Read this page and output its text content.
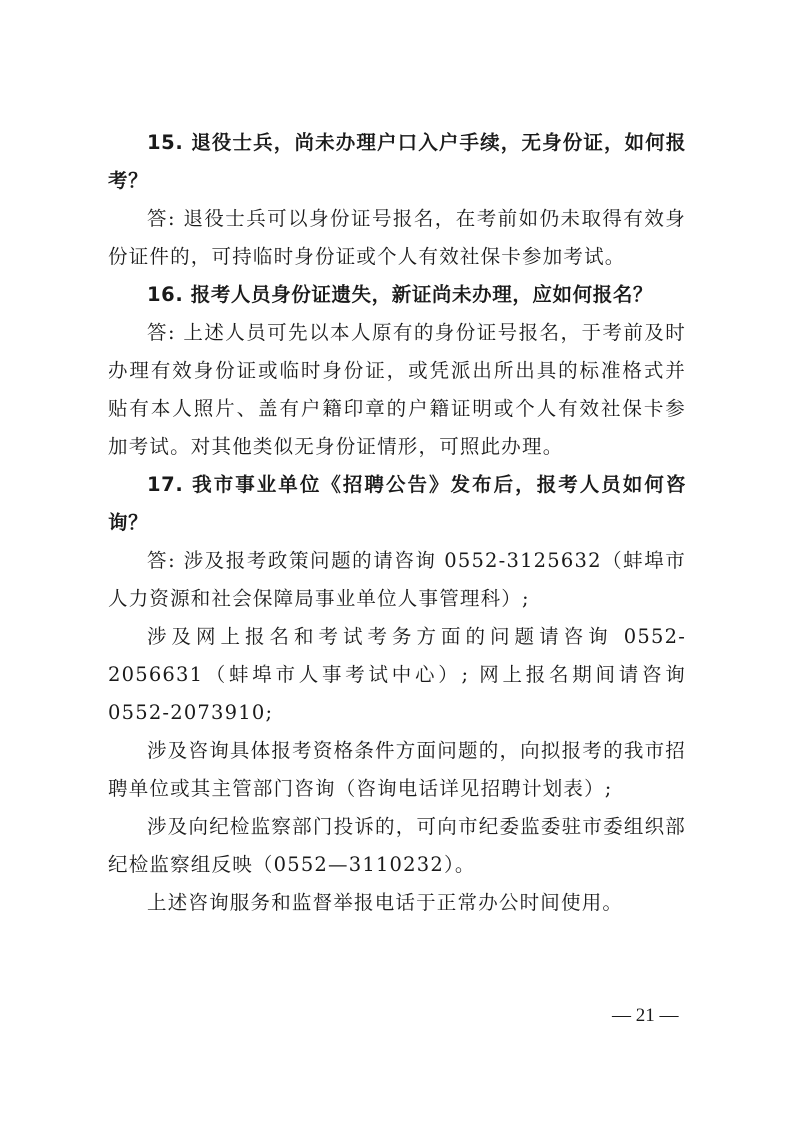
15. 退役士兵，尚未办理户口入户手续，无身份证，如何报考？

答: 退役士兵可以身份证号报名，在考前如仍未取得有效身份证件的，可持临时身份证或个人有效社保卡参加考试。

16. 报考人员身份证遗失，新证尚未办理，应如何报名？

答: 上述人员可先以本人原有的身份证号报名，于考前及时办理有效身份证或临时身份证，或凭派出所出具的标准格式并贴有本人照片、盖有户籍印章的户籍证明或个人有效社保卡参加考试。对其他类似无身份证情形，可照此办理。

17. 我市事业单位《招聘公告》发布后，报考人员如何咨询？

答: 涉及报考政策问题的请咨询 0552-3125632（蚌埠市人力资源和社会保障局事业单位人事管理科）;

涉及网上报名和考试考务方面的问题请咨询 0552-2056631（蚌埠市人事考试中心）; 网上报名期间请咨询 0552-2073910;

涉及咨询具体报考资格条件方面问题的，向拟报考的我市招聘单位或其主管部门咨询（咨询电话详见招聘计划表）;

涉及向纪检监察部门投诉的，可向市纪委监委驻市委组织部纪检监察组反映（0552—3110232）。

上述咨询服务和监督举报电话于正常办公时间使用。

— 21 —
